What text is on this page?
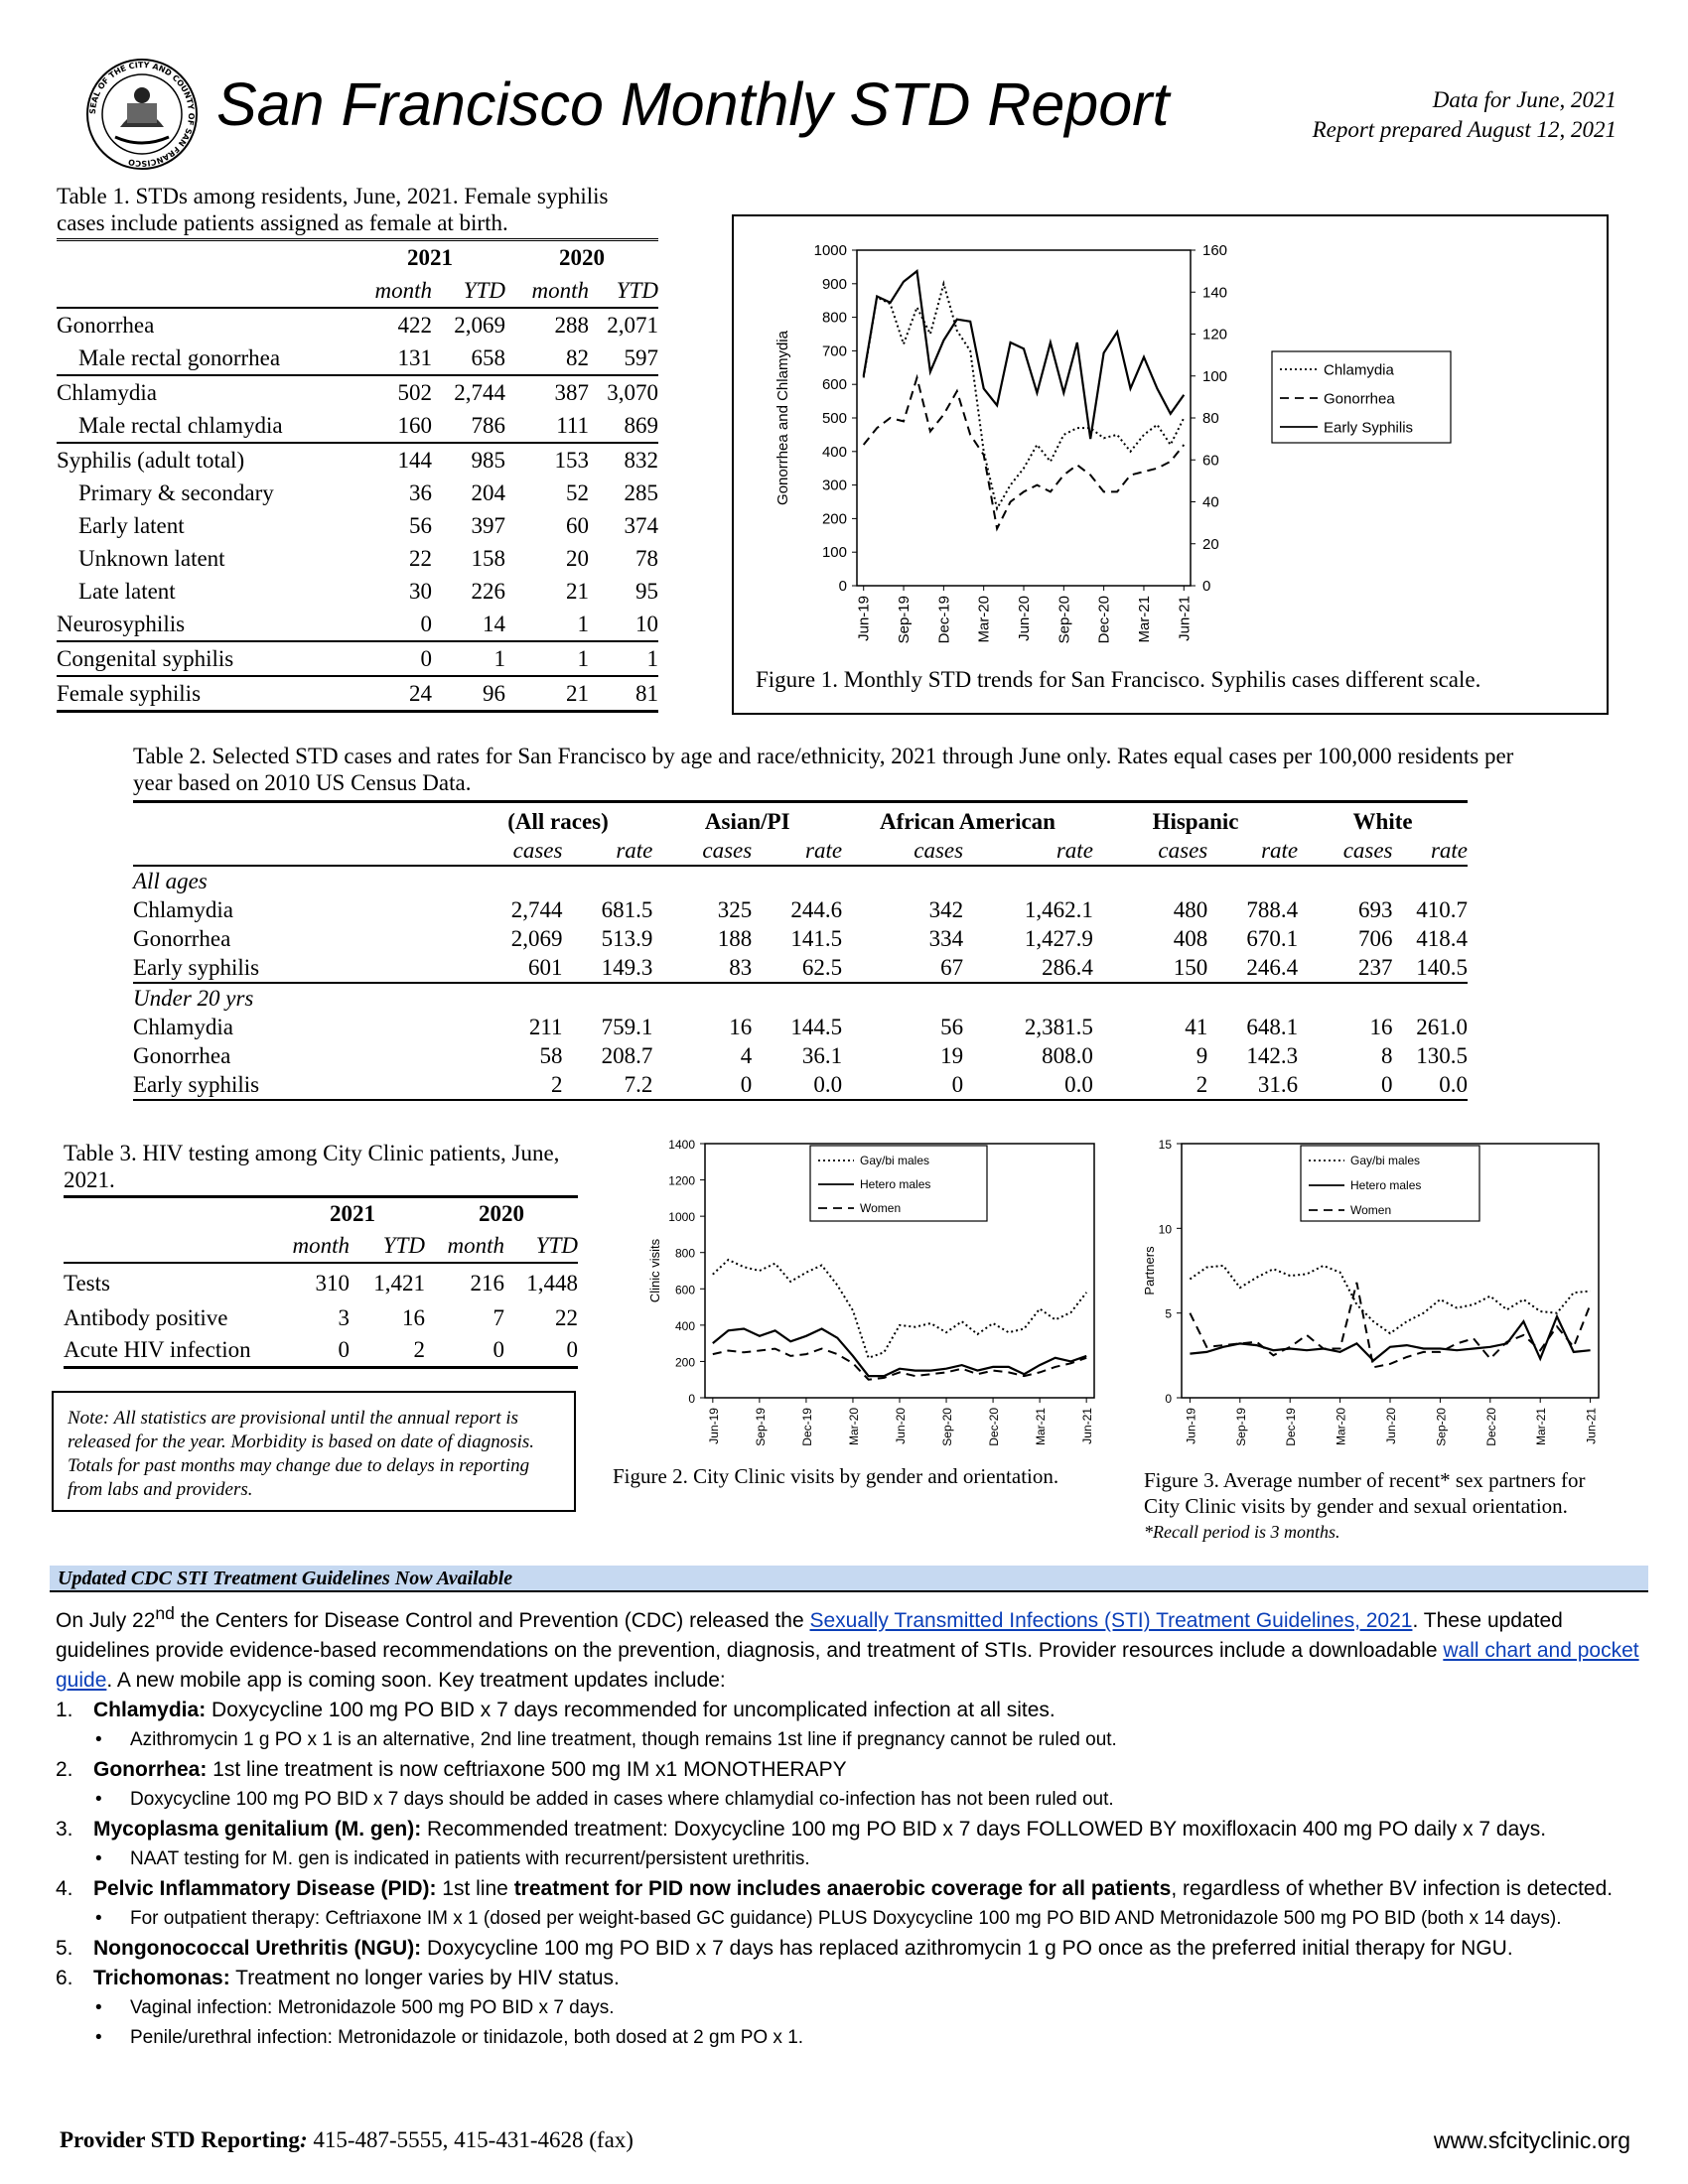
SEAL OF THE CITY AND COUNTY OF SAN FRANCISCO
San Francisco Monthly STD Report	Data for June, 2021
Report prepared August 12, 2021
Table 1. STDs among residents, June, 2021. Female syphilis cases include patients assigned as female at birth.
	2021		2020	
	month	YTD	month	YTD
Gonorrhea	422	2,069	288	2,071
Male rectal gonorrhea	131	658	82	597
Chlamydia	502	2,744	387	3,070
Male rectal chlamydia	160	786	111	869
Syphilis (adult total)	144	985	153	832
Primary & secondary	36	204	52	285
Early latent	56	397	60	374
Unknown latent	22	158	20	78
Late latent	30	226	21	95
Neurosyphilis	0	14	1	10
Congenital syphilis	0	1	1	1
Female syphilis	24	96	21	81
0
100
200
300
400
500
600
700
800
900
1000
0
20
40
60
80
100
120
140
160
Jun-19 Sep-19 Dec-19 Mar-20 Jun-20 Sep-20 Dec-20 Mar-21 Jun-21
Gonorrhea and Chlamydia	Chlamydia
Gonorrhea
Early Syphilis
Figure 1. Monthly STD trends for San Francisco. Syphilis cases different scale.
Table 2. Selected STD cases and rates for San Francisco by age and race/ethnicity, 2021 through June only. Rates equal cases per 100,000 residents per year based on 2010 US Census Data.
	(All races)		Asian/PI		African American		Hispanic		White	
	cases	rate	cases	rate	cases	rate	cases	rate	cases	rate
All ages										
Chlamydia	2,744	681.5	325	244.6	342	1,462.1	480	788.4	693	410.7
Gonorrhea	2,069	513.9	188	141.5	334	1,427.9	408	670.1	706	418.4
Early syphilis	601	149.3	83	62.5	67	286.4	150	246.4	237	140.5
Under 20 yrs										
Chlamydia	211	759.1	16	144.5	56	2,381.5	41	648.1	16	261.0
Gonorrhea	58	208.7	4	36.1	19	808.0	9	142.3	8	130.5
Early syphilis	2	7.2	0	0.0	0	0.0	2	31.6	0	0.0
Table 3. HIV testing among City Clinic patients, June, 2021.
	2021		2020	
	month	YTD	month	YTD
Tests	310	1,421	216	1,448
Antibody positive	3	16	7	22
Acute HIV infection	0	2	0	0
Note: All statistics are provisional until the annual report is released for the year. Morbidity is based on date of diagnosis. Totals for past months may change due to delays in reporting from labs and providers.
0
200
400
600
800
1000
1200
1400
Jun-19	Sep-19	Dec-19	Mar-20	Jun-20	Sep-20	Dec-20	Mar-21	Jun-21
Clinic visits
Gay/bi males
Hetero males
Women
Figure 2. City Clinic visits by gender and orientation.
0
5
10
15
Jun-19	Sep-19	Dec-19	Mar-20	Jun-20	Sep-20	Dec-20	Mar-21	Jun-21
Partners
Gay/bi males
Hetero males
Women
Figure 3. Average number of recent* sex partners for City Clinic visits by gender and sexual orientation.
*Recall period is 3 months.
Updated CDC STI Treatment Guidelines Now Available

On July 22nd the Centers for Disease Control and Prevention (CDC) released the Sexually Transmitted Infections (STI) Treatment Guidelines, 2021. These updated guidelines provide evidence-based recommendations on the prevention, diagnosis, and treatment of STIs. Provider resources include a downloadable wall chart and pocket guide. A new mobile app is coming soon. Key treatment updates include:

1. Chlamydia: Doxycycline 100 mg PO BID x 7 days recommended for uncomplicated infection at all sites.
• Azithromycin 1 g PO x 1 is an alternative, 2nd line treatment, though remains 1st line if pregnancy cannot be ruled out.
2. Gonorrhea: 1st line treatment is now ceftriaxone 500 mg IM x1 MONOTHERAPY
• Doxycycline 100 mg PO BID x 7 days should be added in cases where chlamydial co-infection has not been ruled out.
3. Mycoplasma genitalium (M. gen): Recommended treatment: Doxycycline 100 mg PO BID x 7 days FOLLOWED BY moxifloxacin 400 mg PO daily x 7 days.
• NAAT testing for M. gen is indicated in patients with recurrent/persistent urethritis.
4. Pelvic Inflammatory Disease (PID): 1st line treatment for PID now includes anaerobic coverage for all patients, regardless of whether BV infection is detected.
• For outpatient therapy: Ceftriaxone IM x 1 (dosed per weight-based GC guidance) PLUS Doxycycline 100 mg PO BID AND Metronidazole 500 mg PO BID (both x 14 days).
5. Nongonococcal Urethritis (NGU): Doxycycline 100 mg PO BID x 7 days has replaced azithromycin 1 g PO once as the preferred initial therapy for NGU.
6. Trichomonas: Treatment no longer varies by HIV status.
• Vaginal infection: Metronidazole 500 mg PO BID x 7 days.
• Penile/urethral infection: Metronidazole or tinidazole, both dosed at 2 gm PO x 1.
Provider STD Reporting: 415-487-5555, 415-431-4628 (fax)	www.sfcityclinic.org
